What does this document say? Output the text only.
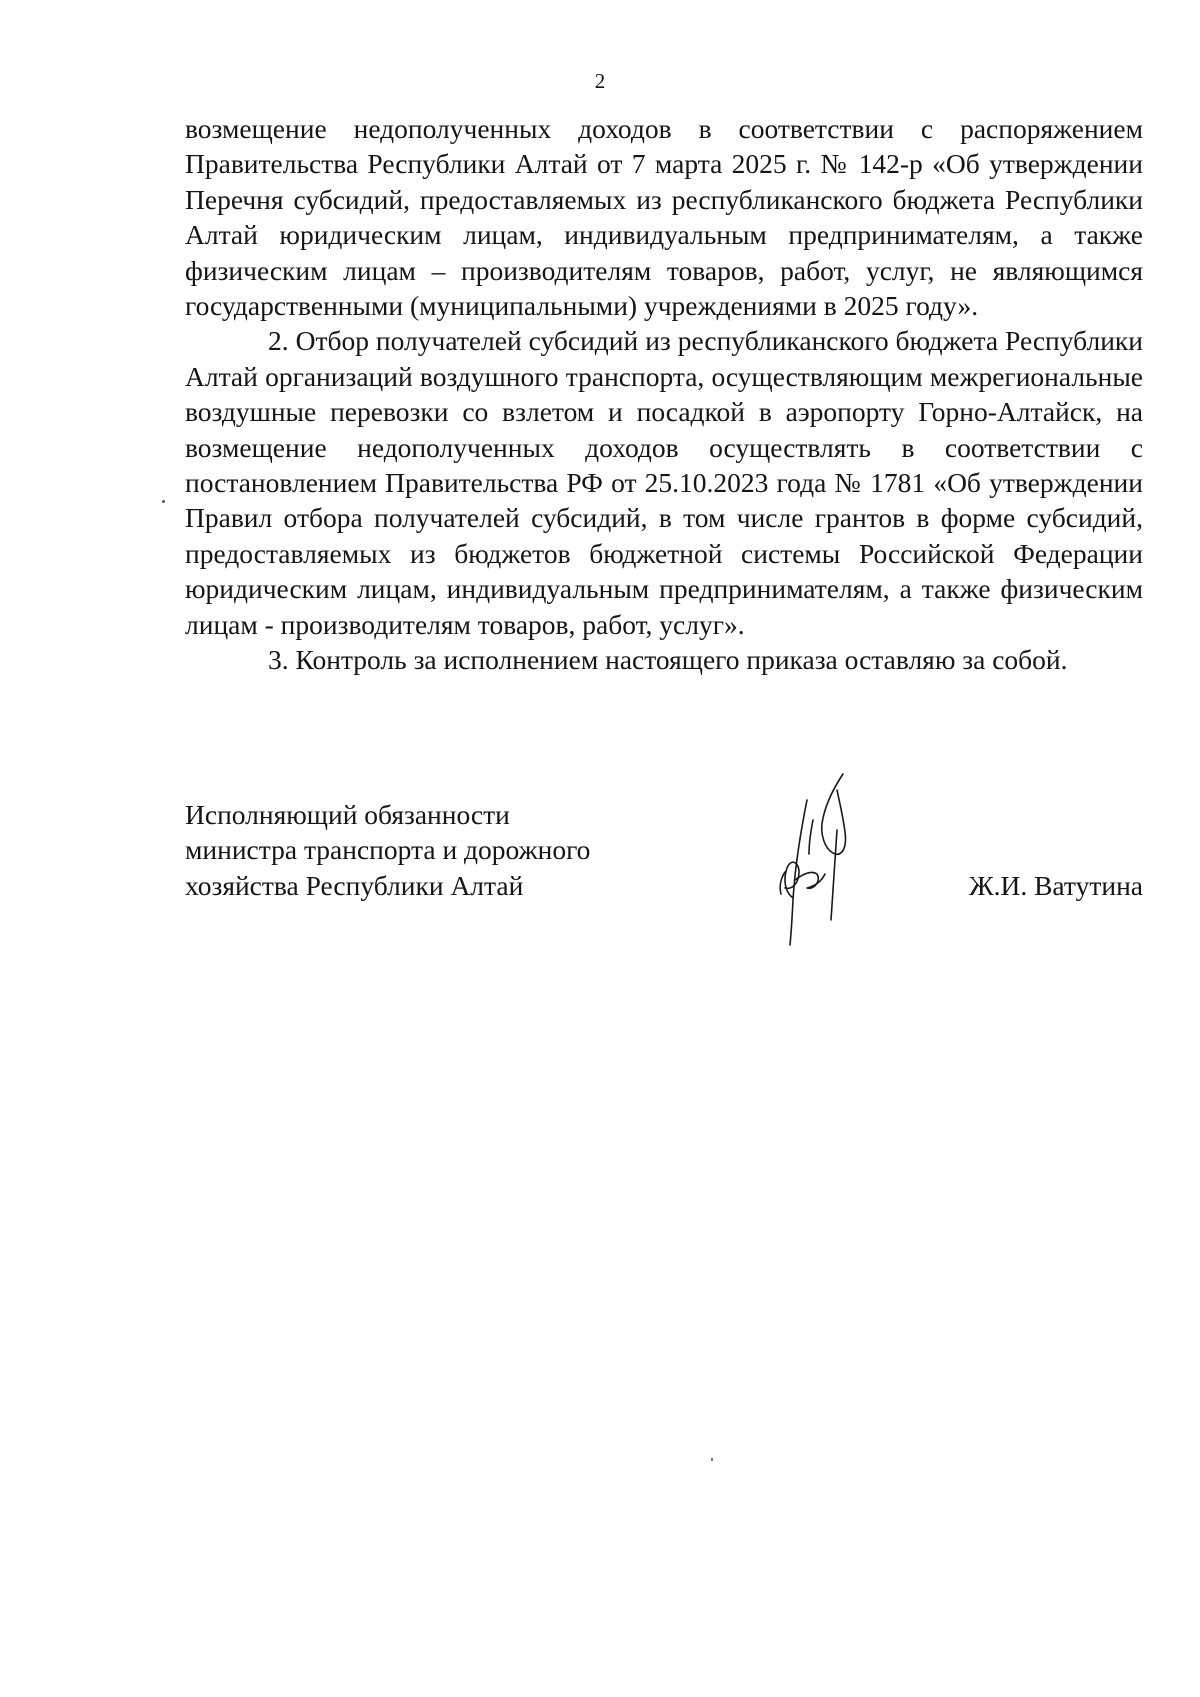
2

возмещение недополученных доходов в соответствии с распоряжением Правительства Республики Алтай от 7 марта 2025 г. № 142-р «Об утверждении Перечня субсидий, предоставляемых из республиканского бюджета Республики Алтай юридическим лицам, индивидуальным предпринимателям, а также физическим лицам – производителям товаров, работ, услуг, не являющимся государственными (муниципальными) учреждениями в 2025 году».

2. Отбор получателей субсидий из республиканского бюджета Республики Алтай организаций воздушного транспорта, осуществляющим межрегиональные воздушные перевозки со взлетом и посадкой в аэропорту Горно-Алтайск, на возмещение недополученных доходов осуществлять в соответствии с постановлением Правительства РФ от 25.10.2023 года № 1781 «Об утверждении Правил отбора получателей субсидий, в том числе грантов в форме субсидий, предоставляемых из бюджетов бюджетной системы Российской Федерации юридическим лицам, индивидуальным предпринимателям, а также физическим лицам - производителям товаров, работ, услуг».

3. Контроль за исполнением настоящего приказа оставляю за собой.

Исполняющий обязанности
министра транспорта и дорожного
хозяйства Республики Алтай	Ж.И. Ватутина
